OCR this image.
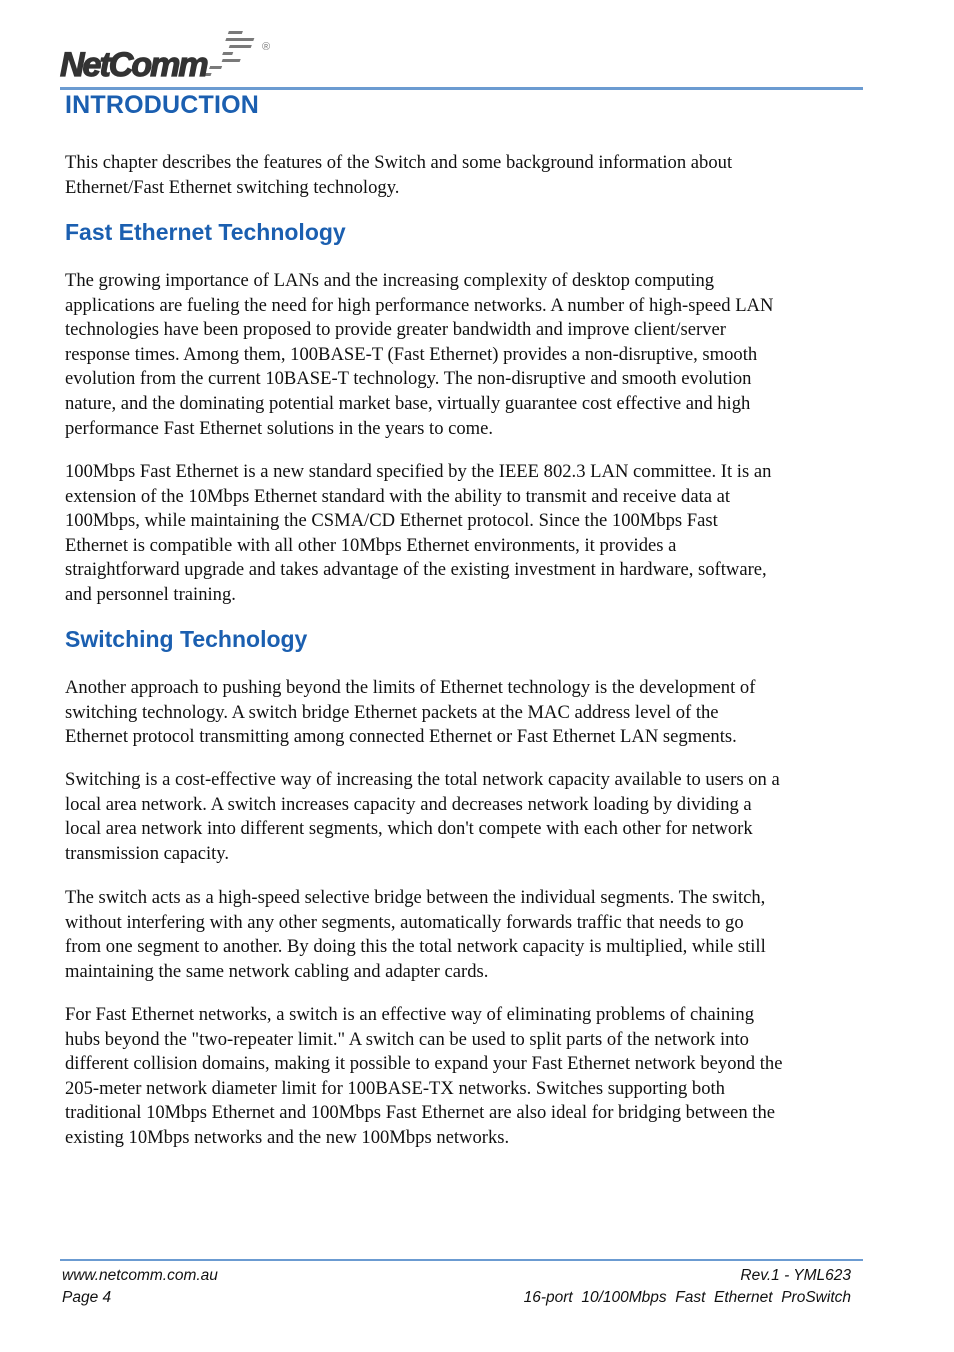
NetComm	®
INTRODUCTION

This chapter describes the features of the Switch and some background information about
Ethernet/Fast Ethernet switching technology.

Fast Ethernet Technology

The growing importance of LANs and the increasing complexity of desktop computing
applications are fueling the need for high performance networks. A number of high-speed LAN
technologies have been proposed to provide greater bandwidth and improve client/server
response times. Among them, 100BASE-T (Fast Ethernet) provides a non-disruptive, smooth
evolution from the current 10BASE-T technology. The non-disruptive and smooth evolution
nature, and the dominating potential market base, virtually guarantee cost effective and high
performance Fast Ethernet solutions in the years to come.

100Mbps Fast Ethernet is a new standard specified by the IEEE 802.3 LAN committee. It is an
extension of the 10Mbps Ethernet standard with the ability to transmit and receive data at
100Mbps, while maintaining the CSMA/CD Ethernet protocol. Since the 100Mbps Fast
Ethernet is compatible with all other 10Mbps Ethernet environments, it provides a
straightforward upgrade and takes advantage of the existing investment in hardware, software,
and personnel training.

Switching Technology

Another approach to pushing beyond the limits of Ethernet technology is the development of
switching technology. A switch bridge Ethernet packets at the MAC address level of the
Ethernet protocol transmitting among connected Ethernet or Fast Ethernet LAN segments.

Switching is a cost-effective way of increasing the total network capacity available to users on a
local area network. A switch increases capacity and decreases network loading by dividing a
local area network into different segments, which don't compete with each other for network
transmission capacity.

The switch acts as a high-speed selective bridge between the individual segments. The switch,
without interfering with any other segments, automatically forwards traffic that needs to go
from one segment to another. By doing this the total network capacity is multiplied, while still
maintaining the same network cabling and adapter cards.

For Fast Ethernet networks, a switch is an effective way of eliminating problems of chaining
hubs beyond the "two-repeater limit." A switch can be used to split parts of the network into
different collision domains, making it possible to expand your Fast Ethernet network beyond the
205-meter network diameter limit for 100BASE-TX networks. Switches supporting both
traditional 10Mbps Ethernet and 100Mbps Fast Ethernet are also ideal for bridging between the
existing 10Mbps networks and the new 100Mbps networks.

www.netcomm.com.au

Page 4

Rev.1 - YML623

16-port  10/100Mbps  Fast  Ethernet  ProSwitch
